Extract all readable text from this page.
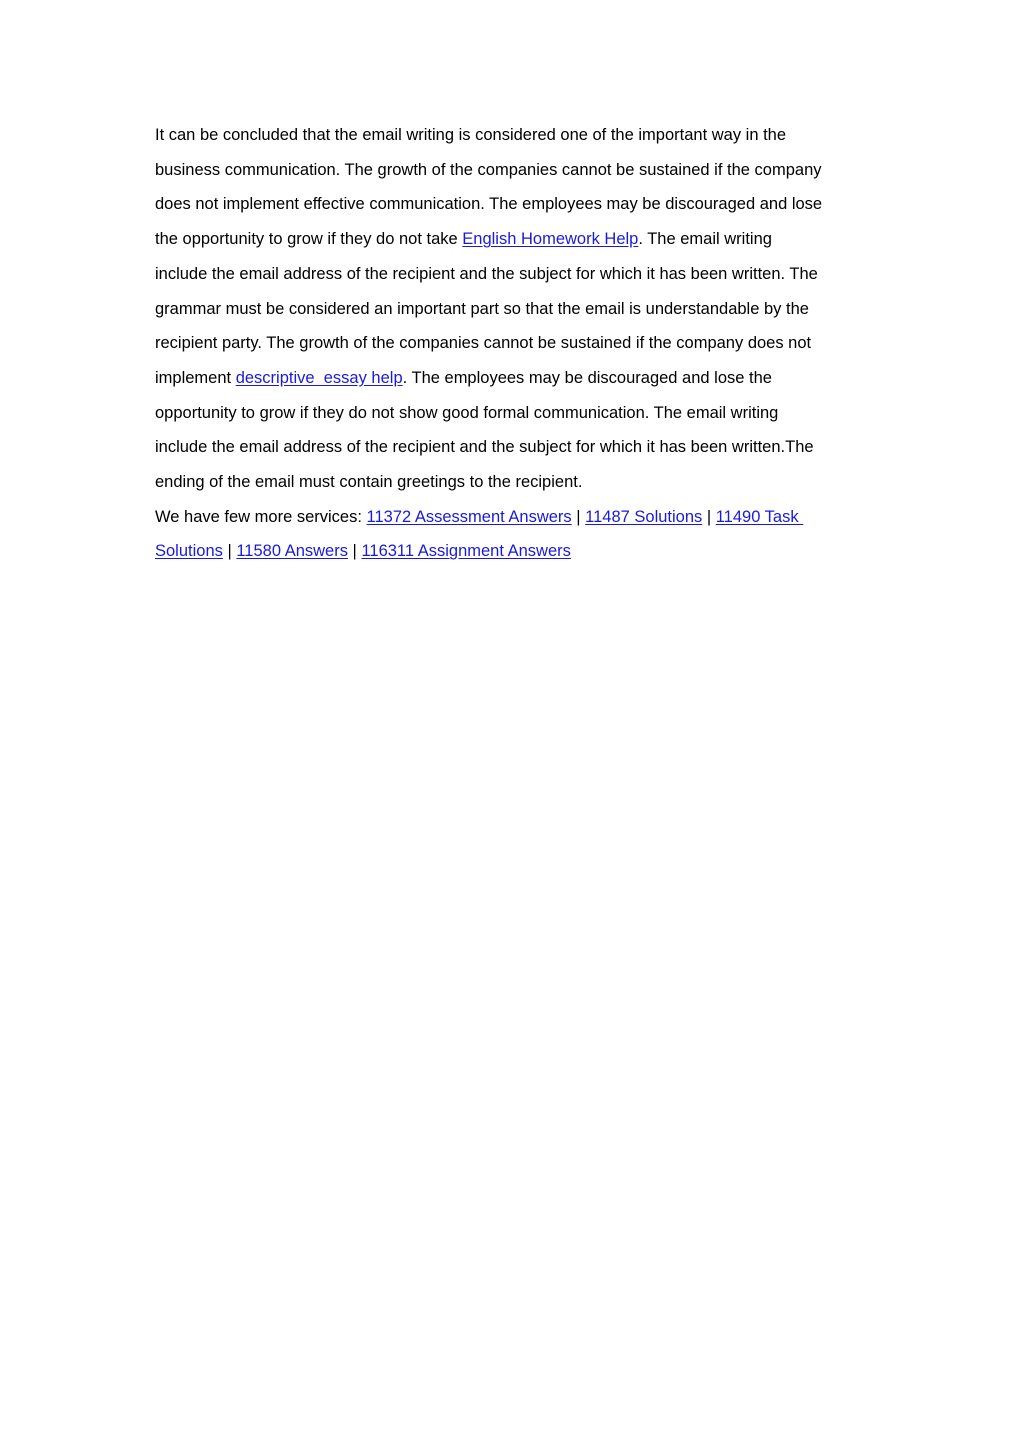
It can be concluded that the email writing is considered one of the important way in the
business communication. The growth of the companies cannot be sustained if the company
does not implement effective communication. The employees may be discouraged and lose
the opportunity to grow if they do not take English Homework Help. The email writing
include the email address of the recipient and the subject for which it has been written. The
grammar must be considered an important part so that the email is understandable by the
recipient party. The growth of the companies cannot be sustained if the company does not
implement descriptive  essay help. The employees may be discouraged and lose the
opportunity to grow if they do not show good formal communication. The email writing
include the email address of the recipient and the subject for which it has been written.The
ending of the email must contain greetings to the recipient.
We have few more services: 11372 Assessment Answers | 11487 Solutions | 11490 Task
Solutions | 11580 Answers | 116311 Assignment Answers
